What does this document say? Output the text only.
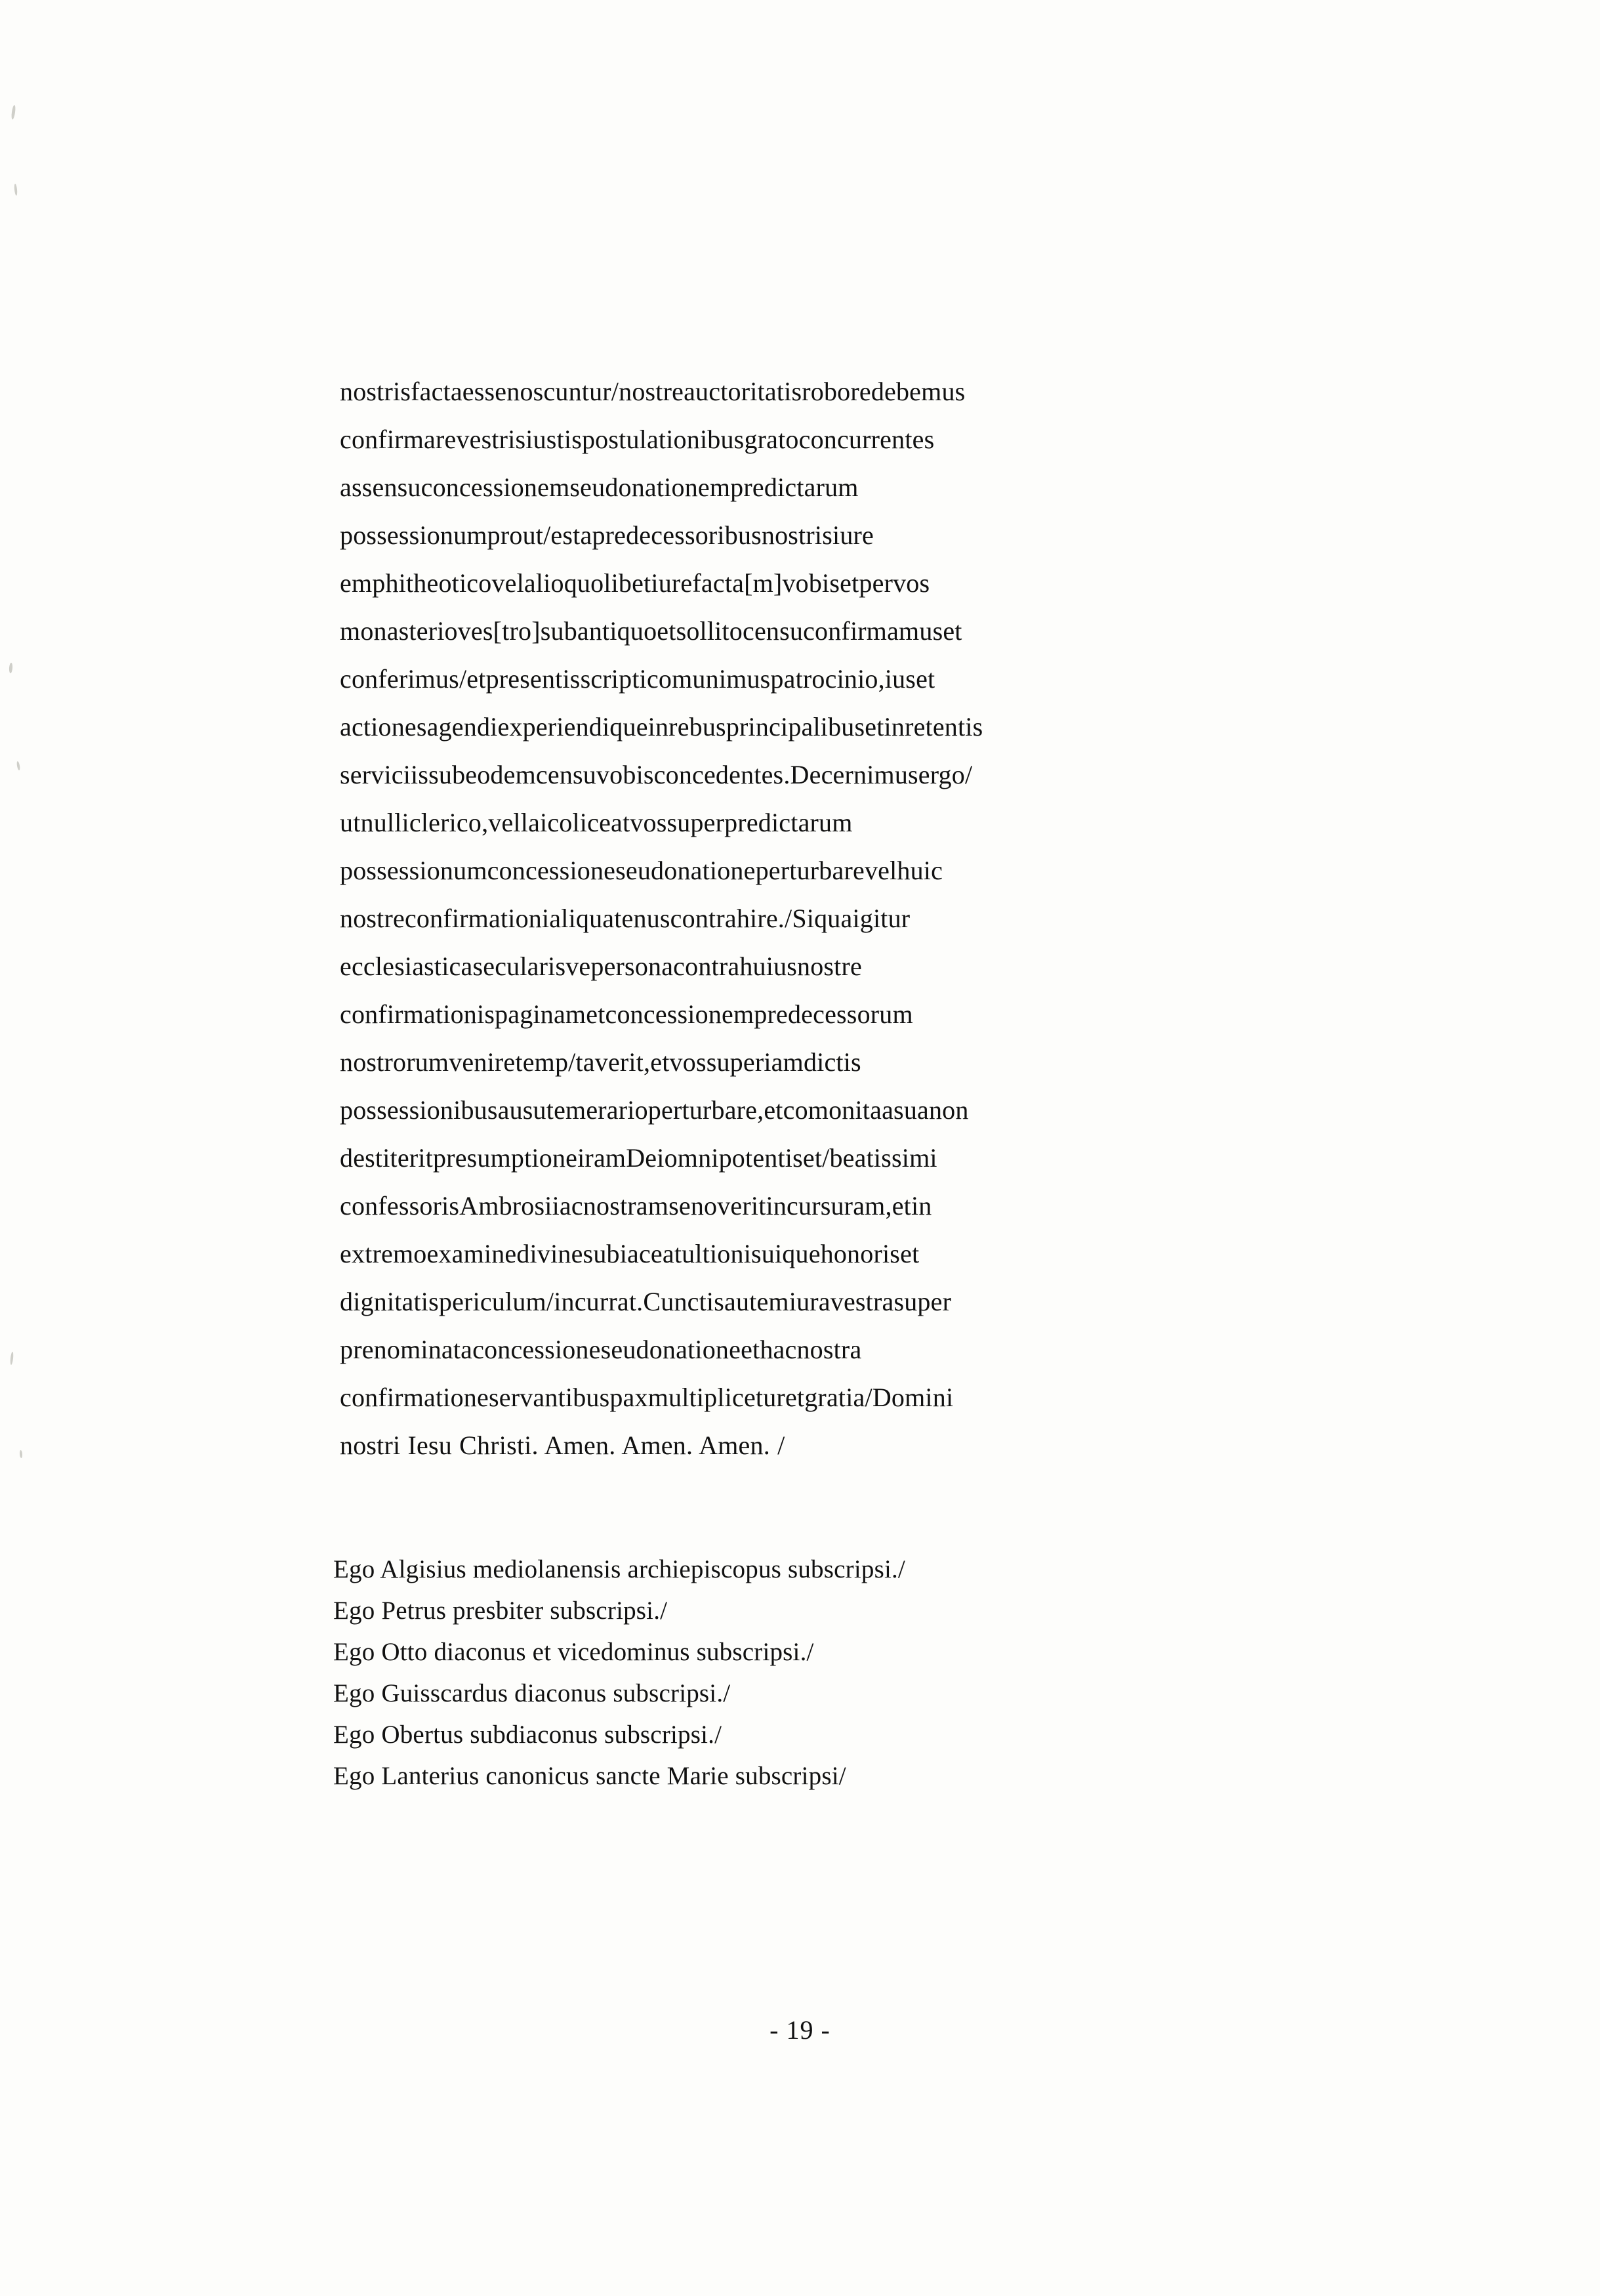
nostrisfactaessenoscuntur/nostreauctoritatisroboredebemus
confirmarevestrisiustispostulationibusgratoconcurrentes
assensuconcessionemseudonationempredictarum
possessionumprout/estapredecessoribusnostrisiure
emphitheoticovelalioquolibetiurefacta[m]vobisetpervos
monasterioves[tro]subantiquoetsollitocensuconfirmamuset
conferimus/etpresentisscripticomunimuspatrocinio,iuset
actionesagendiexperiendiqueinrebusprincipalibusetinretentis
serviciissubeodemcensuvobisconcedentes.Decernimusergo/
utnulliclerico,vellaicoliceatvossuperpredictarum
possessionumconcessioneseudonationeperturbarevelhuic
nostreconfirmationialiquatenuscontrahire./Siquaigitur
ecclesiasticasecularisvepersonacontrahuiusnostre
confirmationispaginametconcessionempredecessorum
nostrorumveniretemp/taverit,etvossuperiamdictis
possessionibusausutemerarioperturbare,etcomonitaasuanon
destiteritpresumptioneiramDeiomnipotentiset/beatissimi
confessorisAmbrosiiacnostramsenoveritincursuram,etin
extremoexaminedivinesubiaceatultionisuiquehonoriset
dignitatispericulum/incurrat.Cunctisautemiuravestrasuper
prenominataconcessioneseudonationeethacnostra
confirmationeservantibuspaxmultipliceturetgratia/Domini
nostri Iesu Christi. Amen. Amen. Amen. /

Ego Algisius mediolanensis archiepiscopus subscripsi./

Ego Petrus presbiter subscripsi./

Ego Otto diaconus et vicedominus subscripsi./

Ego Guisscardus diaconus subscripsi./

Ego Obertus subdiaconus subscripsi./

Ego Lanterius canonicus sancte Marie subscripsi/

- 19 -
